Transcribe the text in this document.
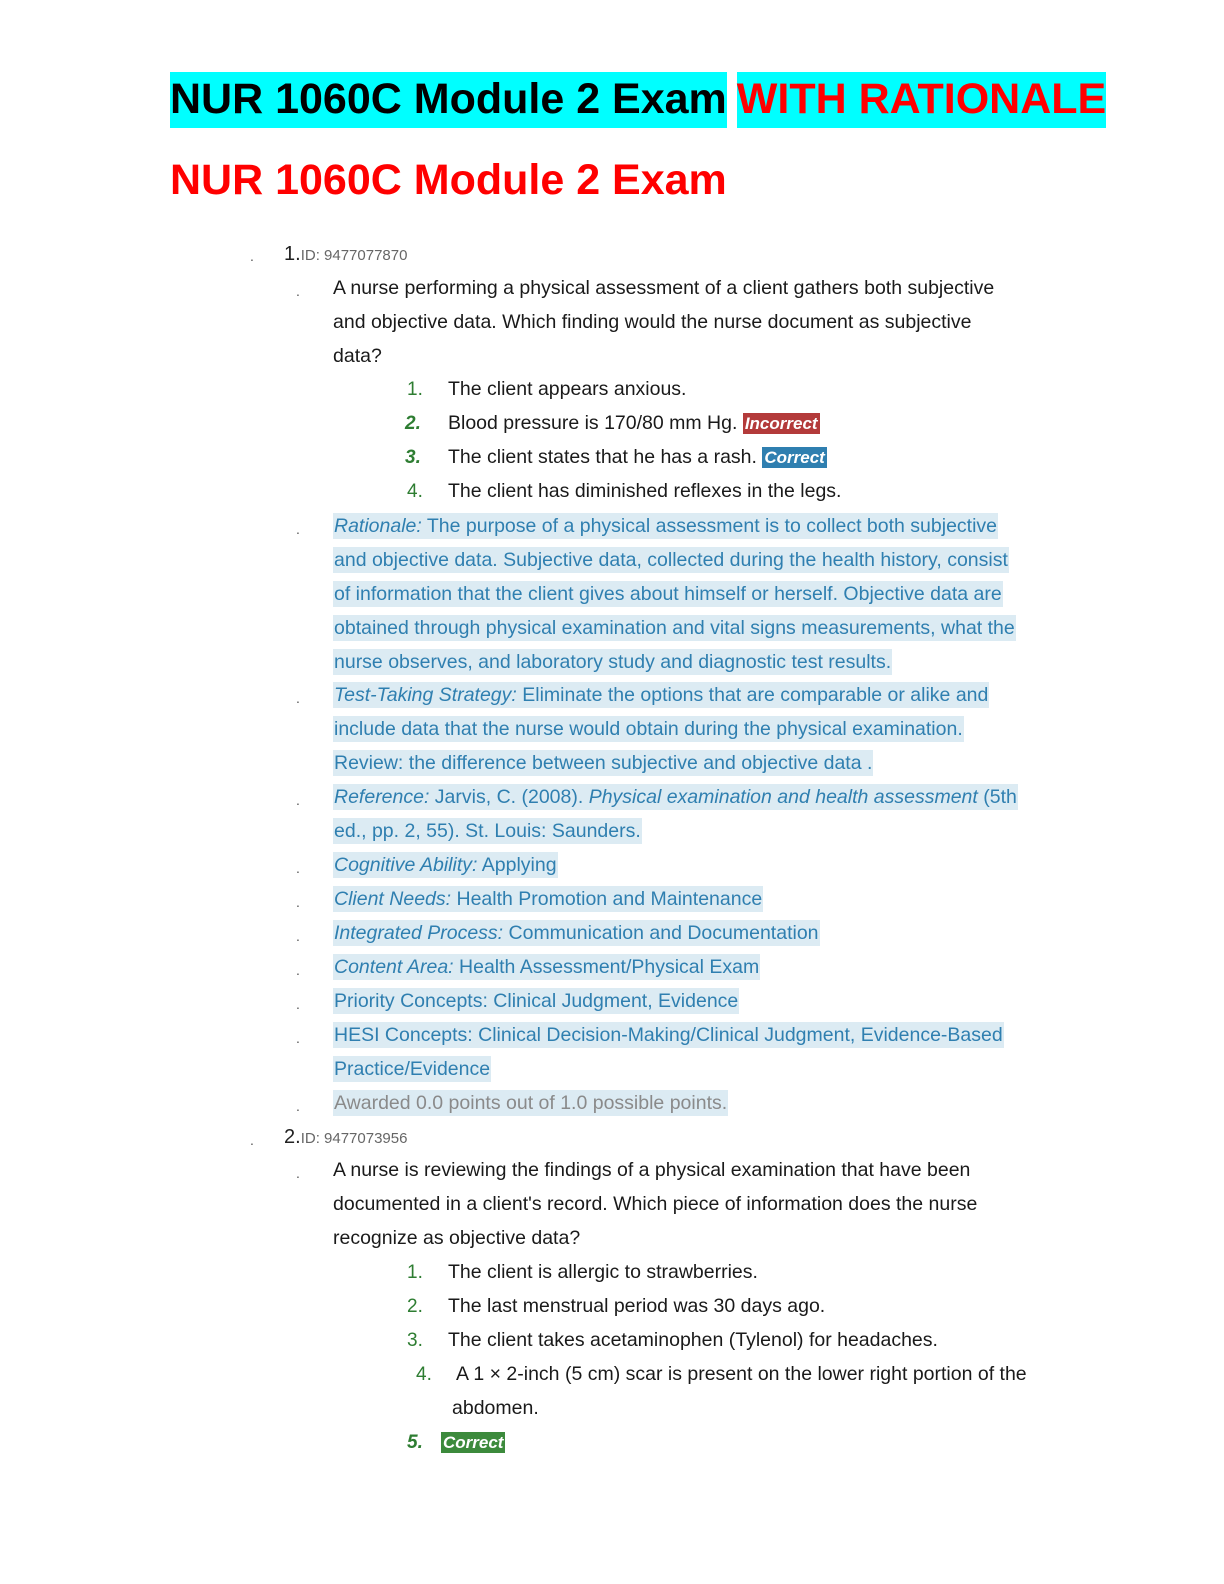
NUR 1060C Module 2 Exam WITH RATIONALE
NUR 1060C Module 2 Exam
. 1.ID: 9477077870
. A nurse performing a physical assessment of a client gathers both subjective
and objective data. Which finding would the nurse document as subjective
data?
1. The client appears anxious.
2. Blood pressure is 170/80 mm Hg. Incorrect
3. The client states that he has a rash. Correct
4. The client has diminished reflexes in the legs.
. Rationale: The purpose of a physical assessment is to collect both subjective
and objective data. Subjective data, collected during the health history, consist
of information that the client gives about himself or herself. Objective data are
obtained through physical examination and vital signs measurements, what the
nurse observes, and laboratory study and diagnostic test results.
. Test-Taking Strategy: Eliminate the options that are comparable or alike and
include data that the nurse would obtain during the physical examination.
Review: the difference between subjective and objective data .
. Reference: Jarvis, C. (2008). Physical examination and health assessment (5th
ed., pp. 2, 55). St. Louis: Saunders.
. Cognitive Ability: Applying
. Client Needs: Health Promotion and Maintenance
. Integrated Process: Communication and Documentation
. Content Area: Health Assessment/Physical Exam
. Priority Concepts: Clinical Judgment, Evidence
. HESI Concepts: Clinical Decision-Making/Clinical Judgment, Evidence-Based
Practice/Evidence
. Awarded 0.0 points out of 1.0 possible points.
. 2.ID: 9477073956
. A nurse is reviewing the findings of a physical examination that have been
documented in a client's record. Which piece of information does the nurse
recognize as objective data?
1. The client is allergic to strawberries.
2. The last menstrual period was 30 days ago.
3. The client takes acetaminophen (Tylenol) for headaches.
4. A 1 × 2-inch (5 cm) scar is present on the lower right portion of the
abdomen.
5. Correct
